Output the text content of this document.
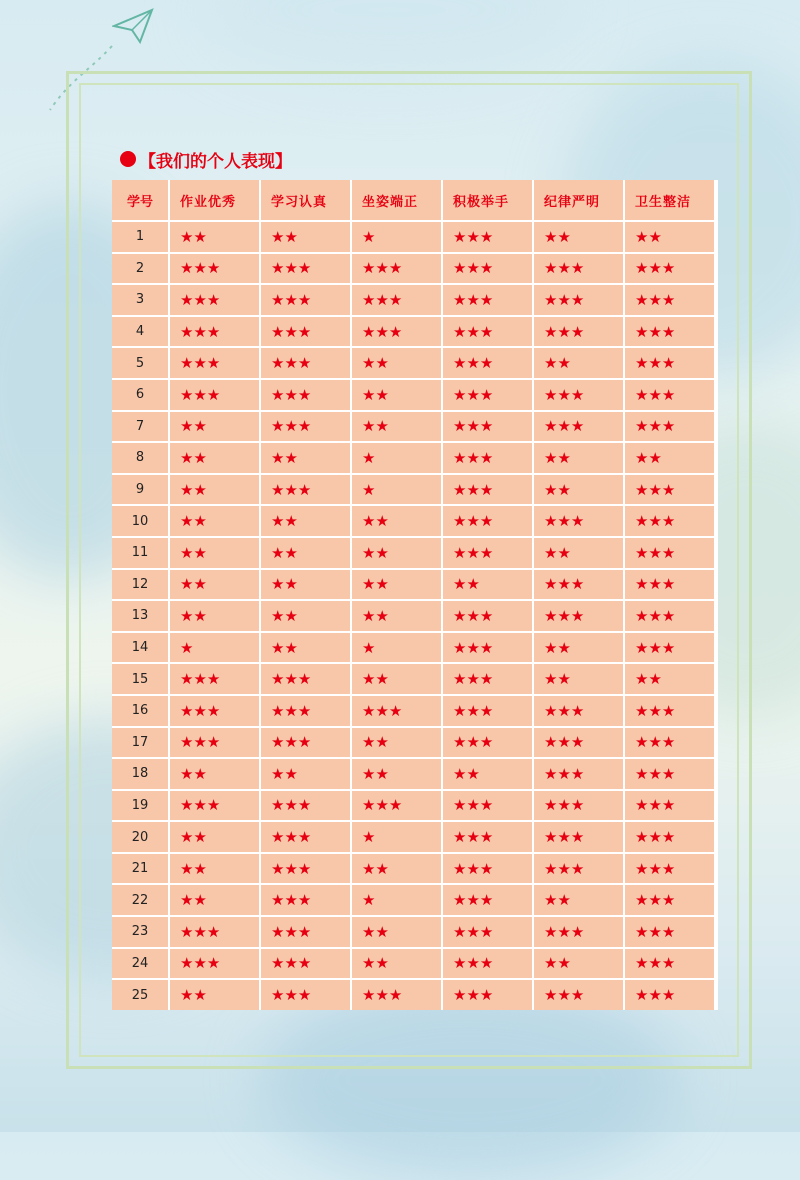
【我们的个人表现】
学号	作业优秀	学习认真	坐姿端正	积极举手	纪律严明	卫生整洁
1	★★	★★	★	★★★	★★	★★
2	★★★	★★★	★★★	★★★	★★★	★★★
3	★★★	★★★	★★★	★★★	★★★	★★★
4	★★★	★★★	★★★	★★★	★★★	★★★
5	★★★	★★★	★★	★★★	★★	★★★
6	★★★	★★★	★★	★★★	★★★	★★★
7	★★	★★★	★★	★★★	★★★	★★★
8	★★	★★	★	★★★	★★	★★
9	★★	★★★	★	★★★	★★	★★★
10	★★	★★	★★	★★★	★★★	★★★
11	★★	★★	★★	★★★	★★	★★★
12	★★	★★	★★	★★	★★★	★★★
13	★★	★★	★★	★★★	★★★	★★★
14	★	★★	★	★★★	★★	★★★
15	★★★	★★★	★★	★★★	★★	★★
16	★★★	★★★	★★★	★★★	★★★	★★★
17	★★★	★★★	★★	★★★	★★★	★★★
18	★★	★★	★★	★★	★★★	★★★
19	★★★	★★★	★★★	★★★	★★★	★★★
20	★★	★★★	★	★★★	★★★	★★★
21	★★	★★★	★★	★★★	★★★	★★★
22	★★	★★★	★	★★★	★★	★★★
23	★★★	★★★	★★	★★★	★★★	★★★
24	★★★	★★★	★★	★★★	★★	★★★
25	★★	★★★	★★★	★★★	★★★	★★★
